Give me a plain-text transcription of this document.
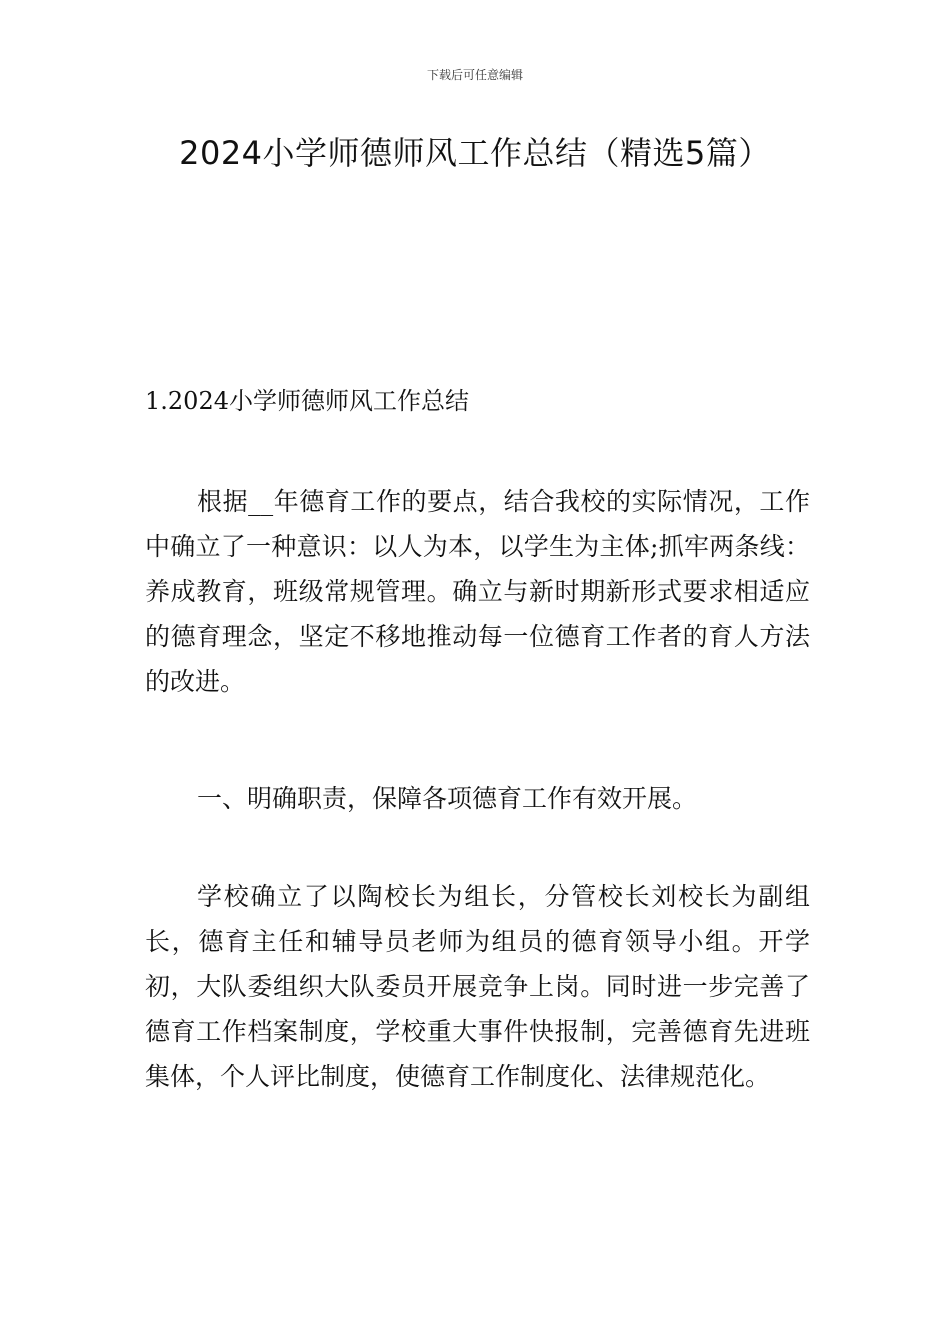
下载后可任意编辑
2024小学师德师风工作总结（精选5篇）
1.2024小学师德师风工作总结

根据__年德育工作的要点，结合我校的实际情况，工作中确立了一种意识：以人为本，以学生为主体;抓牢两条线：养成教育，班级常规管理。确立与新时期新形式要求相适应的德育理念，坚定不移地推动每一位德育工作者的育人方法的改进。

一、明确职责，保障各项德育工作有效开展。

学校确立了以陶校长为组长，分管校长刘校长为副组长，德育主任和辅导员老师为组员的德育领导小组。开学初，大队委组织大队委员开展竞争上岗。同时进一步完善了德育工作档案制度，学校重大事件快报制，完善德育先进班集体，个人评比制度，使德育工作制度化、法律规范化。
